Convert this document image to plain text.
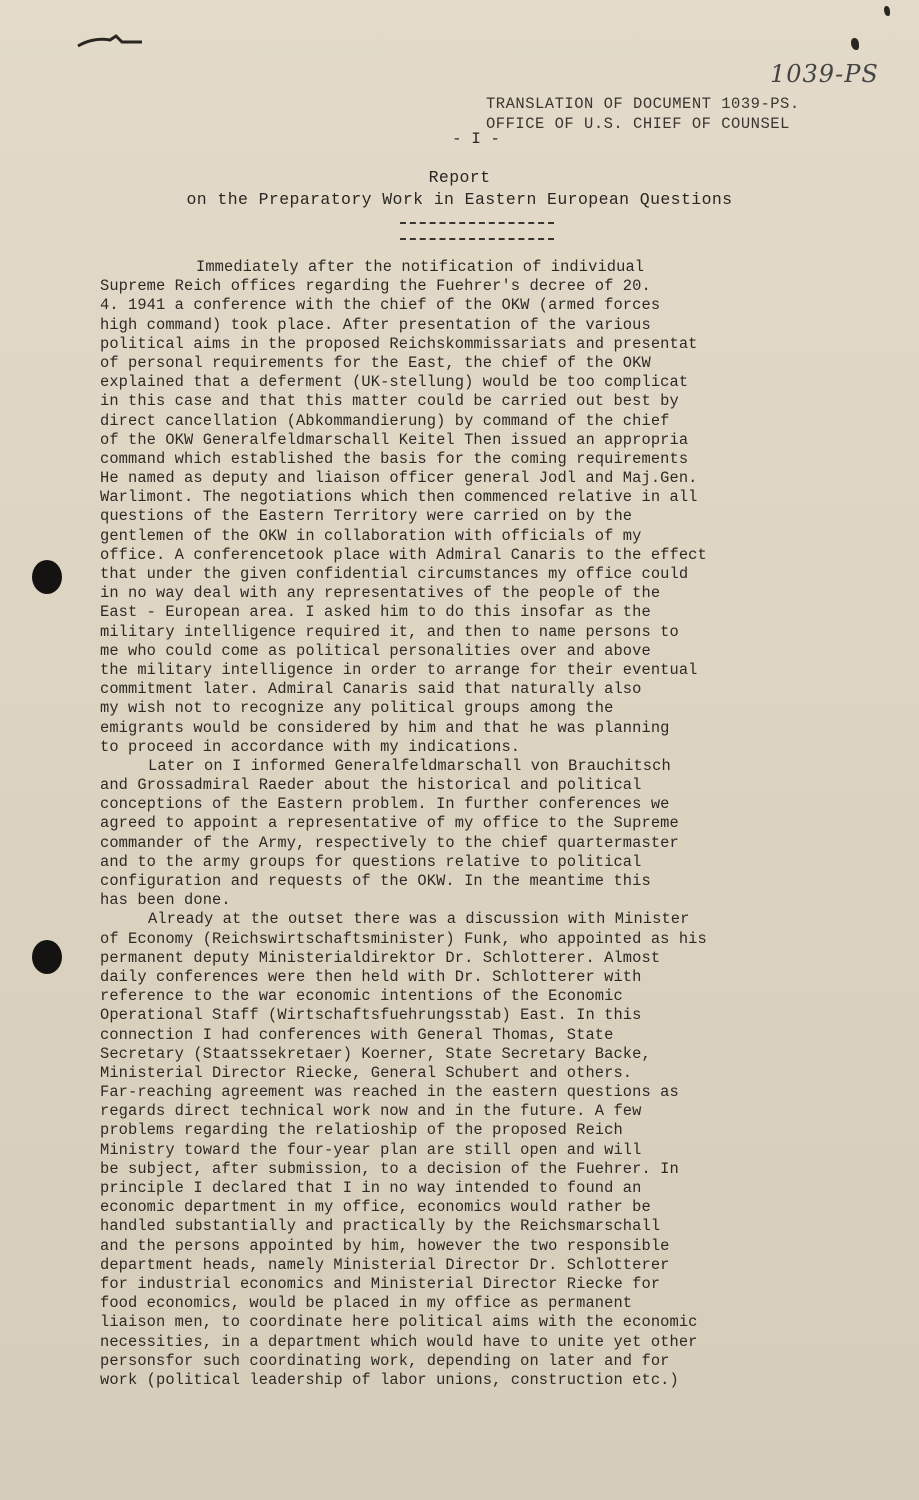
1039-PS
TRANSLATION OF DOCUMENT 1039-PS.
OFFICE OF U.S. CHIEF OF COUNSEL
- I -
Report
on the Preparatory Work in Eastern European Questions
Immediately after the notification of individual
Supreme Reich offices regarding the Fuehrer's decree of 20.
4. 1941 a conference with the chief of the OKW (armed forces
high command) took place. After presentation of the various
political aims in the proposed Reichskommissariats and presentat
of personal requirements for the East, the chief of the OKW
explained that a deferment (UK-stellung) would be too complicat
in this case and that this matter could be carried out best by
direct cancellation (Abkommandierung) by command of the chief
of the OKW Generalfeldmarschall Keitel Then issued an appropria
command which established the basis for the coming requirements
He named as deputy and liaison officer general Jodl and Maj.Gen.
Warlimont. The negotiations which then commenced relative in all
questions of the Eastern Territory were carried on by the
gentlemen of the OKW in collaboration with officials of my
office. A conferencetook place with Admiral Canaris to the effect
that under the given confidential circumstances my office could
in no way deal with any representatives of the people of the
East - European area. I asked him to do this insofar as the
military intelligence required it, and then to name persons to
me who could come as political personalities over and above
the military intelligence in order to arrange for their eventual
commitment later. Admiral Canaris said that naturally also
my wish not to recognize any political groups among the
emigrants would be considered by him and that he was planning
to proceed in accordance with my indications.
Later on I informed Generalfeldmarschall von Brauchitsch
and Grossadmiral Raeder about the historical and political
conceptions of the Eastern problem. In further conferences we
agreed to appoint a representative of my office to the Supreme
commander of the Army, respectively to the chief quartermaster
and to the army groups for questions relative to political
configuration and requests of the OKW. In the meantime this
has been done.
Already at the outset there was a discussion with Minister
of Economy (Reichswirtschaftsminister) Funk, who appointed as his
permanent deputy Ministerialdirektor Dr. Schlotterer. Almost
daily conferences were then held with Dr. Schlotterer with
reference to the war economic intentions of the Economic
Operational Staff (Wirtschaftsfuehrungsstab) East. In this
connection I had conferences with General Thomas, State
Secretary (Staatssekretaer) Koerner, State Secretary Backe,
Ministerial Director Riecke, General Schubert and others.
Far-reaching agreement was reached in the eastern questions as
regards direct technical work now and in the future. A few
problems regarding the relatioship of the proposed Reich
Ministry toward the four-year plan are still open and will
be subject, after submission, to a decision of the Fuehrer. In
principle I declared that I in no way intended to found an
economic department in my office, economics would rather be
handled substantially and practically by the Reichsmarschall
and the persons appointed by him, however the two responsible
department heads, namely Ministerial Director Dr. Schlotterer
for industrial economics and Ministerial Director Riecke for
food economics, would be placed in my office as permanent
liaison men, to coordinate here political aims with the economic
necessities, in a department which would have to unite yet other
personsfor such coordinating work, depending on later and for
work (political leadership of labor unions, construction etc.)
